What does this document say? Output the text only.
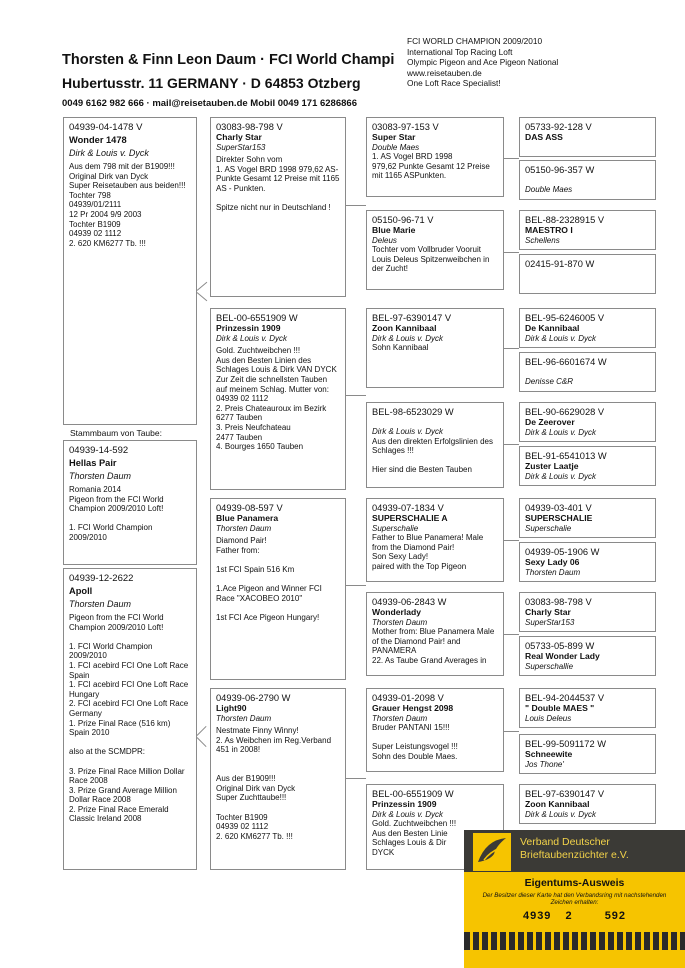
Thorsten & Finn Leon Daum · FCI World Champi
Hubertusstr. 11 GERMANY · D 64853 Otzberg
0049 6162 982 666 · mail@reisetauben.de Mobil 0049 171 6286866
FCI WORLD CHAMPION 2009/2010
International Top Racing Loft
Olympic Pigeon and Ace Pigeon National
www.reisetauben.de
One Loft Race Specialist!
04939-04-1478 V
Wonder 1478
Dirk & Louis v. Dyck
Aus dem 798 mit der B1909!!!
Original Dirk van Dyck
Super Reisetauben aus beiden!!!
Tochter 798
04939/01/2111
12 Pr 2004 9/9 2003
Tochter B1909
04939 02 1112
2. 620 KM6277 Tb. !!!
Stammbaum von Taube:
04939-14-592
Hellas Pair
Thorsten Daum
Romania 2014
Pigeon from the FCI World Champion 2009/2010 Loft!

1. FCI World Champion 2009/2010
04939-12-2622
Apoll
Thorsten Daum
Pigeon from the FCI World Champion 2009/2010 Loft!

1. FCI World Champion 2009/2010
1. FCI acebird FCI One Loft Race Spain
1. FCI acebird FCI One Loft Race Hungary
2. FCI acebird FCI One Loft Race Germany
1. Prize Final Race (516 km) Spain 2010

also at the SCMDPR:

3. Prize Final Race Million Dollar Race 2008
3. Prize Grand Average Million Dollar Race 2008
2. Prize Final Race Emerald Classic Ireland 2008
03083-98-798 V
Charly Star
SuperStar153
Direkter Sohn vom
1. AS Vogel BRD 1998 979,62 AS- Punkte Gesamt 12 Preise mit 1165 AS - Punkten.

Spitze nicht nur in Deutschland !
BEL-00-6551909 W
Prinzessin 1909
Dirk & Louis v. Dyck
Gold. Zuchtweibchen !!!
Aus den Besten Linien des Schlages Louis & Dirk VAN DYCK
Zur Zeit die schnellsten Tauben auf meinem Schlag. Mutter von:
04939 02 1112
2. Preis Chateauroux im Bezirk 6277 Tauben
3. Preis Neufchateau
2477 Tauben
4. Bourges 1650 Tauben
04939-08-597 V
Blue Panamera
Thorsten Daum
Diamond Pair!
Father from:

1st FCI Spain 516 Km

1.Ace Pigeon and Winner FCI Race "XACOBEO 2010"

1st FCI Ace Pigeon Hungary!
04939-06-2790 W
Light90
Thorsten Daum
Nestmate Finny Winny!
2. As Weibchen im Reg.Verband 451 in 2008!

Aus der B1909!!!
Original Dirk van Dyck
Super Zuchttaube!!!

Tochter B1909
04939 02 1112
2. 620 KM6277 Tb. !!!
03083-97-153 V
Super Star
Double Maes
1. AS Vogel BRD 1998
979,62 Punkte Gesamt 12 Preise mit 1165 ASPunkten.
05150-96-71 V
Blue Marie
Deleus
Tochter vom Vollbruder Vooruit Louis Deleus Spitzenweibchen in der Zucht!
BEL-97-6390147 V
Zoon Kannibaal
Dirk & Louis v. Dyck
Sohn Kannibaal
BEL-98-6523029 W
Dirk & Louis v. Dyck
Aus den direkten Erfolgslinien des Schlages !!!

Hier sind die Besten Tauben
04939-07-1834 V
SUPERSCHALIE A
Superschalie
Father to Blue Panamera! Male from the Diamond Pair!
Son Sexy Lady!
paired with the Top Pigeon
04939-06-2843 W
Wonderlady
Thorsten Daum
Mother from: Blue Panamera Male of the Diamond Pair! and PANAMERA
22. As Taube Grand Averages in
04939-01-2098 V
Grauer Hengst 2098
Thorsten Daum
Bruder PANTANI 15!!!

Super Leistungsvogel !!!
Sohn des Double Maes.
BEL-00-6551909 W
Prinzessin 1909
Dirk & Louis v. Dyck
Gold. Zuchtweibchen !!!
Aus den Besten Linie
Schlages Louis & Dir
DYCK
05733-92-128 V
DAS ASS
05150-96-357 W
Double Maes
BEL-88-2328915 V
MAESTRO I
Schellens
02415-91-870 W
BEL-95-6246005 V
De Kannibaal
Dirk & Louis v. Dyck
BEL-96-6601674 W
Denisse C&R
BEL-90-6629028 V
De Zeerover
Dirk & Louis v. Dyck
BEL-91-6541013 W
Zuster Laatje
Dirk & Louis v. Dyck
04939-03-401 V
SUPERSCHALIE
Superschalie
04939-05-1906 W
Sexy Lady 06
Thorsten Daum
03083-98-798 V
Charly Star
SuperStar153
05733-05-899 W
Real Wonder Lady
Superschallie
BEL-94-2044537 V
" Double MAES "
Louis Deleus
BEL-99-5091172 W
Schneewite
Jos Thone'
BEL-97-6390147 V
Zoon Kannibaal
Dirk & Louis v. Dyck
Verband Deutscher
Brieftaubenzüchter e.V.
Eigentums-Ausweis
Der Besitzer dieser Karte hat den Verbandsring mit nachstehenden Zeichen erhalten:
4939 2	592
